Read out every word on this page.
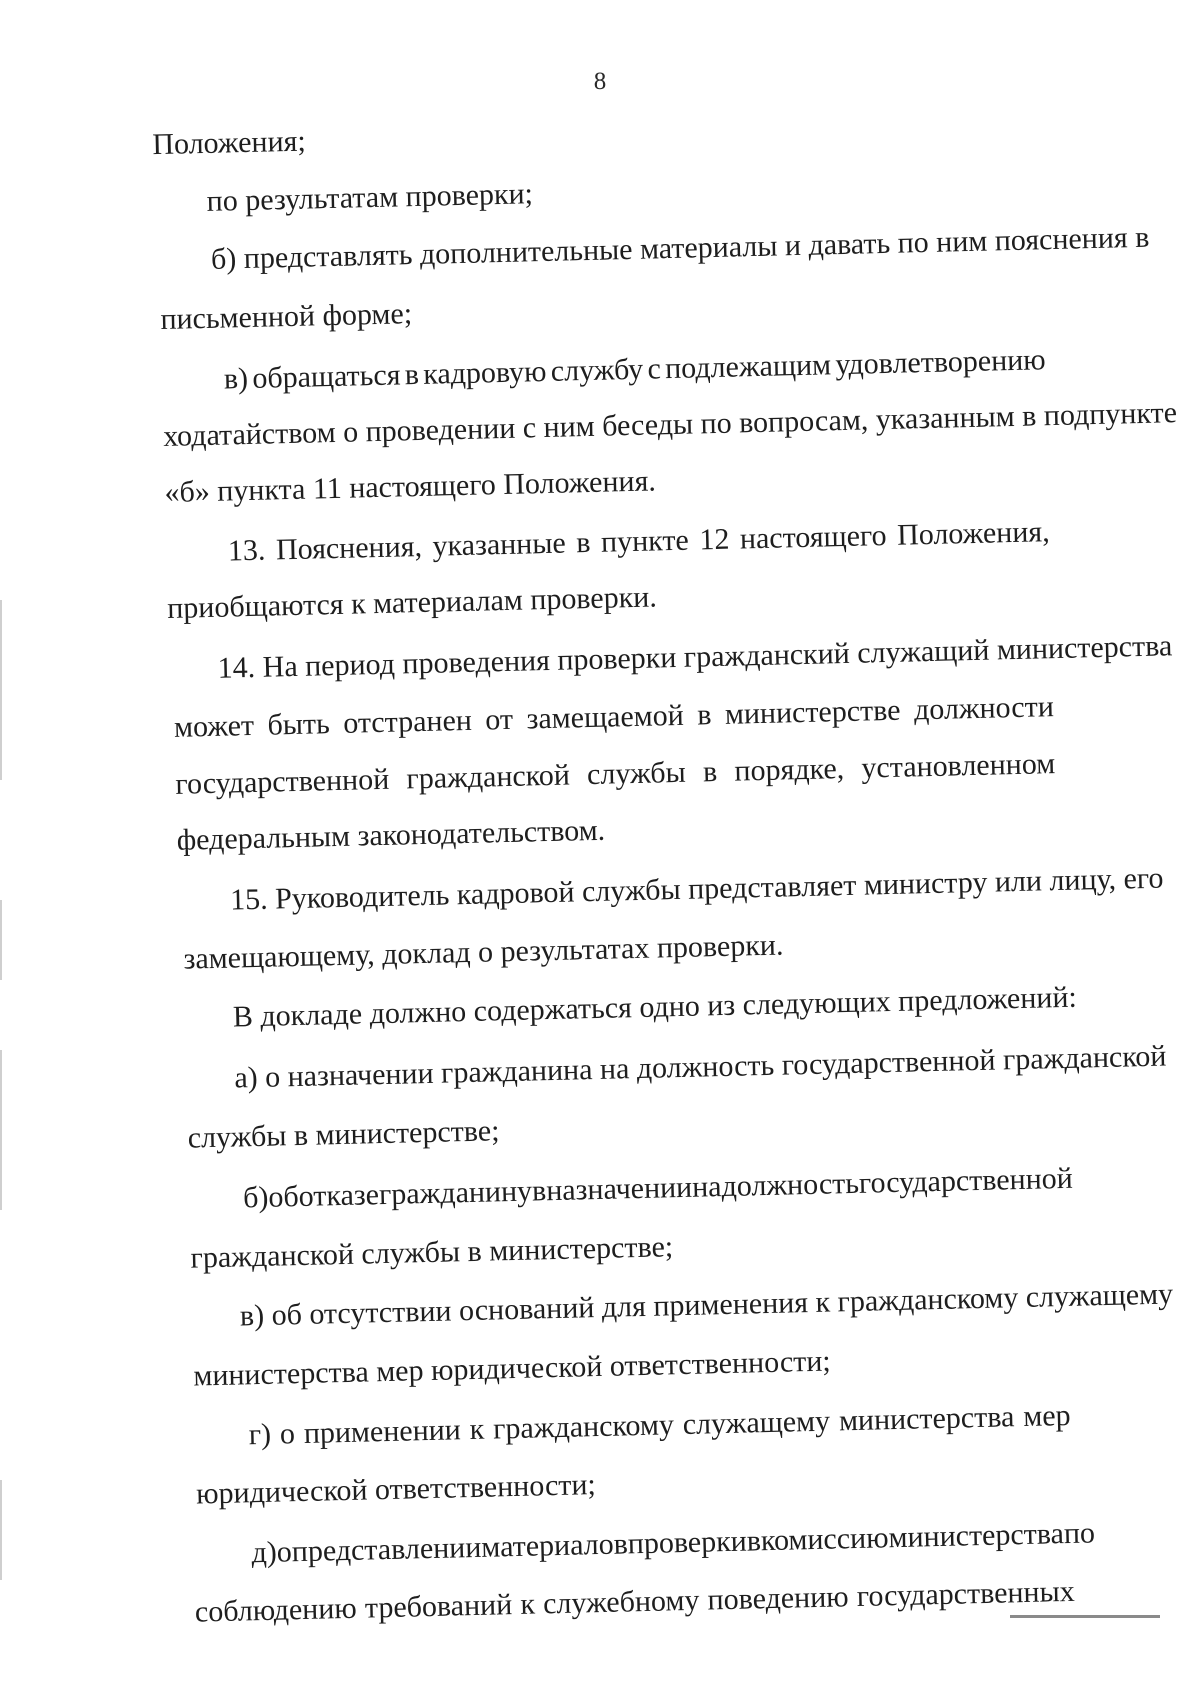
8
Положения;
по результатам проверки;
б) представлять дополнительные материалы и давать по ним пояснения в
письменной форме;
в) обращаться в кадровую службу с подлежащим удовлетворению
ходатайством о проведении с ним беседы по вопросам, указанным в подпункте
«б» пункта 11 настоящего Положения.
13. Пояснения, указанные в пункте 12 настоящего Положения,
приобщаются к материалам проверки.
14. На период проведения проверки гражданский служащий министерства
может быть отстранен от замещаемой в министерстве должности
государственной гражданской службы в порядке, установленном
федеральным законодательством.
15. Руководитель кадровой службы представляет министру или лицу, его
замещающему, доклад о результатах проверки.
В докладе должно содержаться одно из следующих предложений:
а) о назначении гражданина на должность государственной гражданской
службы в министерстве;
б) об отказе гражданину в назначении на должность государственной
гражданской службы в министерстве;
в) об отсутствии оснований для применения к гражданскому служащему
министерства мер юридической ответственности;
г) о применении к гражданскому служащему министерства мер
юридической ответственности;
д) о представлении материалов проверки в комиссию министерства по
соблюдению требований к служебному поведению государственных
